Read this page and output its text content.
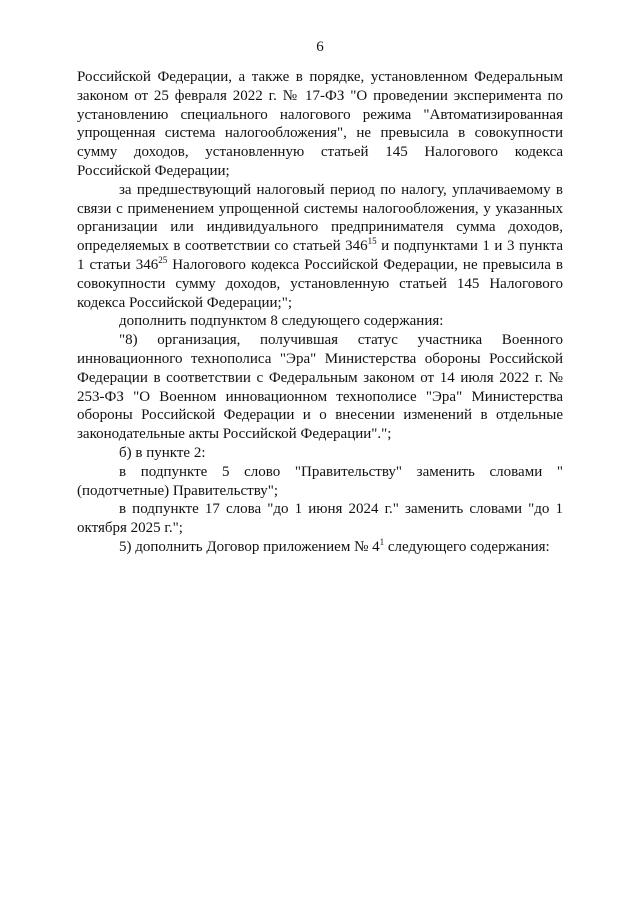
6

Российской Федерации, а также в порядке, установленном Федеральным законом от 25 февраля 2022 г. № 17-ФЗ "О проведении эксперимента по установлению специального налогового режима "Автоматизированная упрощенная система налогообложения", не превысила в совокупности сумму доходов, установленную статьей 145 Налогового кодекса Российской Федерации;

за предшествующий налоговый период по налогу, уплачиваемому в связи с применением упрощенной системы налогообложения, у указанных организации или индивидуального предпринимателя сумма доходов, определяемых в соответствии со статьей $346^{15}$ и подпунктами 1 и 3 пункта 1 статьи $346^{25}$ Налогового кодекса Российской Федерации, не превысила в совокупности сумму доходов, установленную статьей 145 Налогового кодекса Российской Федерации;";

дополнить подпунктом 8 следующего содержания:

"8) организация, получившая статус участника Военного инновационного технополиса "Эра" Министерства обороны Российской Федерации в соответствии с Федеральным законом от 14 июля 2022 г. № 253-ФЗ "О Военном инновационном технополисе "Эра" Министерства обороны Российской Федерации и о внесении изменений в отдельные законодательные акты Российской Федерации".";

б) в пункте 2:

в подпункте 5 слово "Правительству" заменить словами "(подотчетные) Правительству";

в подпункте 17 слова "до 1 июня 2024 г." заменить словами "до 1 октября 2025 г.";

5) дополнить Договор приложением № $4^1$ следующего содержания:
